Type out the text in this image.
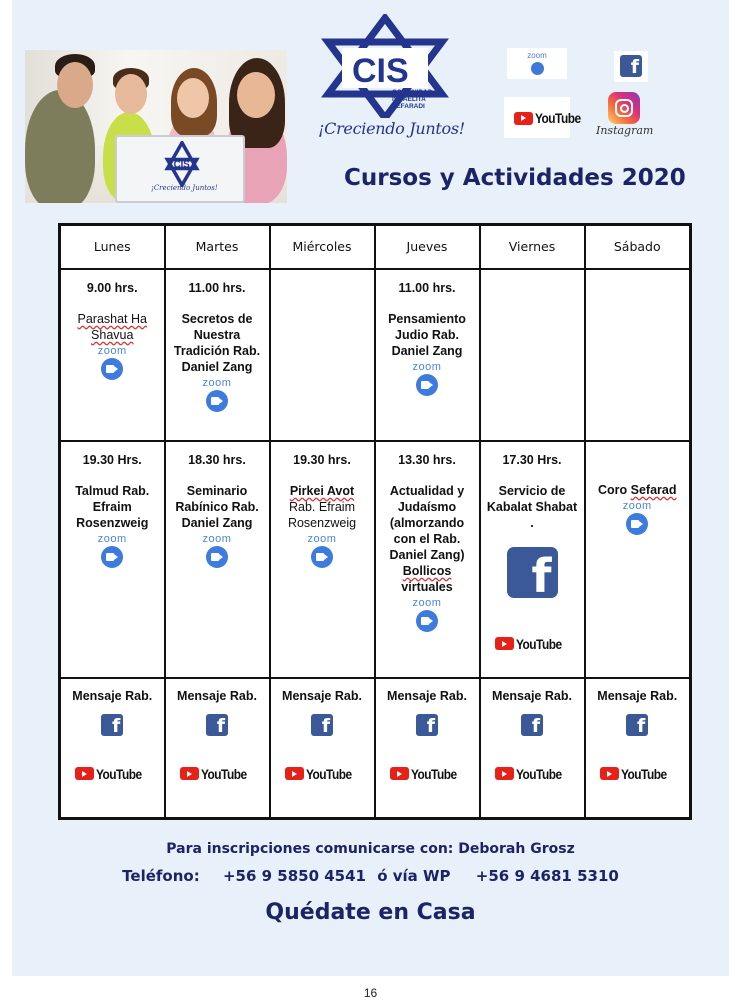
CIS
¡Creciendo Juntos!
CIS
COMUNIDAD
ISRAELITA
SEFARADI
¡Creciendo Juntos!
zoom
f
YouTube
Instagram
Cursos y Actividades 2020
Lunes	Martes	Miércoles	Jueves	Viernes	Sábado

9.00 hrs.
Parashat Ha Shavua
zoom	11.00 hrs.
Secretos de Nuestra Tradición Rab. Daniel Zang
zoom		11.00 hrs.
Pensamiento Judio Rab. Daniel Zang
zoom		

19.30 Hrs.
Talmud Rab. Efraim Rosenzweig
zoom	18.30 hrs.
Seminario Rabínico Rab. Daniel Zang
zoom	19.30 hrs.
Pirkei Avot
Rab. Efraim Rosenzweig
zoom	13.30 hrs.
Actualidad y Judaísmo (almorzando con el Rab. Daniel Zang)
Bollicos
virtuales
zoom	17.30 Hrs.
Servicio de Kabalat Shabat .
f
YouTube	Coro Sefarad
zoom

Mensaje Rab.
f
YouTube	Mensaje Rab.
f
YouTube	Mensaje Rab.
f
YouTube	Mensaje Rab.
f
YouTube	Mensaje Rab.
f
YouTube	Mensaje Rab.
f
YouTube
Para inscripciones comunicarse con: Deborah Grosz
Teléfono: +56 9 5850 4541 ó vía WP +56 9 4681 5310
Quédate en Casa
16
